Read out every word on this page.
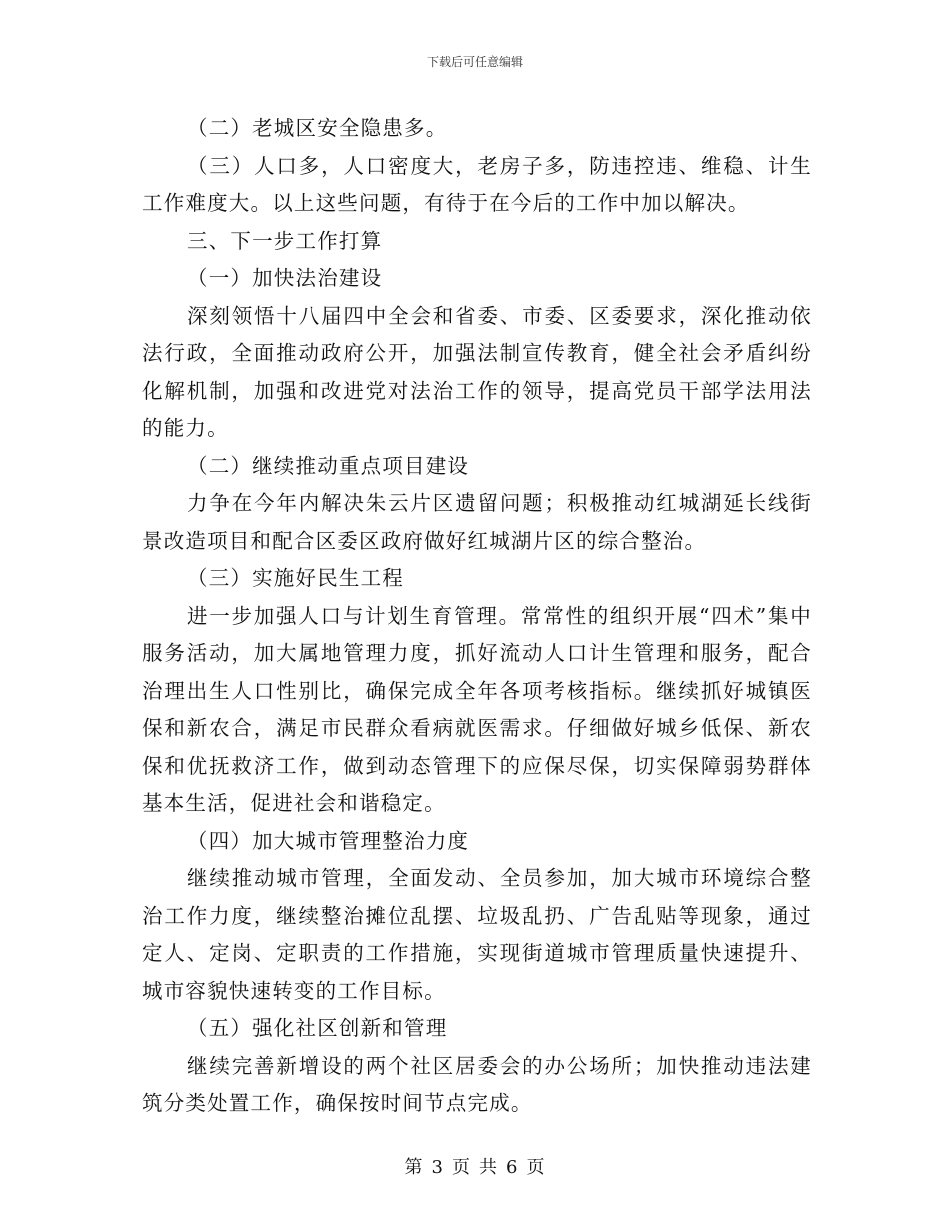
下载后可任意编辑

（二）老城区安全隐患多。

（三）人口多，人口密度大，老房子多，防违控违、维稳、计生工作难度大。以上这些问题，有待于在今后的工作中加以解决。

三、下一步工作打算

（一）加快法治建设

深刻领悟十八届四中全会和省委、市委、区委要求，深化推动依法行政，全面推动政府公开，加强法制宣传教育，健全社会矛盾纠纷化解机制，加强和改进党对法治工作的领导，提高党员干部学法用法的能力。

（二）继续推动重点项目建设

力争在今年内解决朱云片区遗留问题；积极推动红城湖延长线街景改造项目和配合区委区政府做好红城湖片区的综合整治。

（三）实施好民生工程

进一步加强人口与计划生育管理。常常性的组织开展“四术”集中服务活动，加大属地管理力度，抓好流动人口计生管理和服务，配合治理出生人口性别比，确保完成全年各项考核指标。继续抓好城镇医保和新农合，满足市民群众看病就医需求。仔细做好城乡低保、新农保和优抚救济工作，做到动态管理下的应保尽保，切实保障弱势群体基本生活，促进社会和谐稳定。

（四）加大城市管理整治力度

继续推动城市管理，全面发动、全员参加，加大城市环境综合整治工作力度，继续整治摊位乱摆、垃圾乱扔、广告乱贴等现象，通过定人、定岗、定职责的工作措施，实现街道城市管理质量快速提升、城市容貌快速转变的工作目标。

（五）强化社区创新和管理

继续完善新增设的两个社区居委会的办公场所；加快推动违法建筑分类处置工作，确保按时间节点完成。

第 3 页 共 6 页
